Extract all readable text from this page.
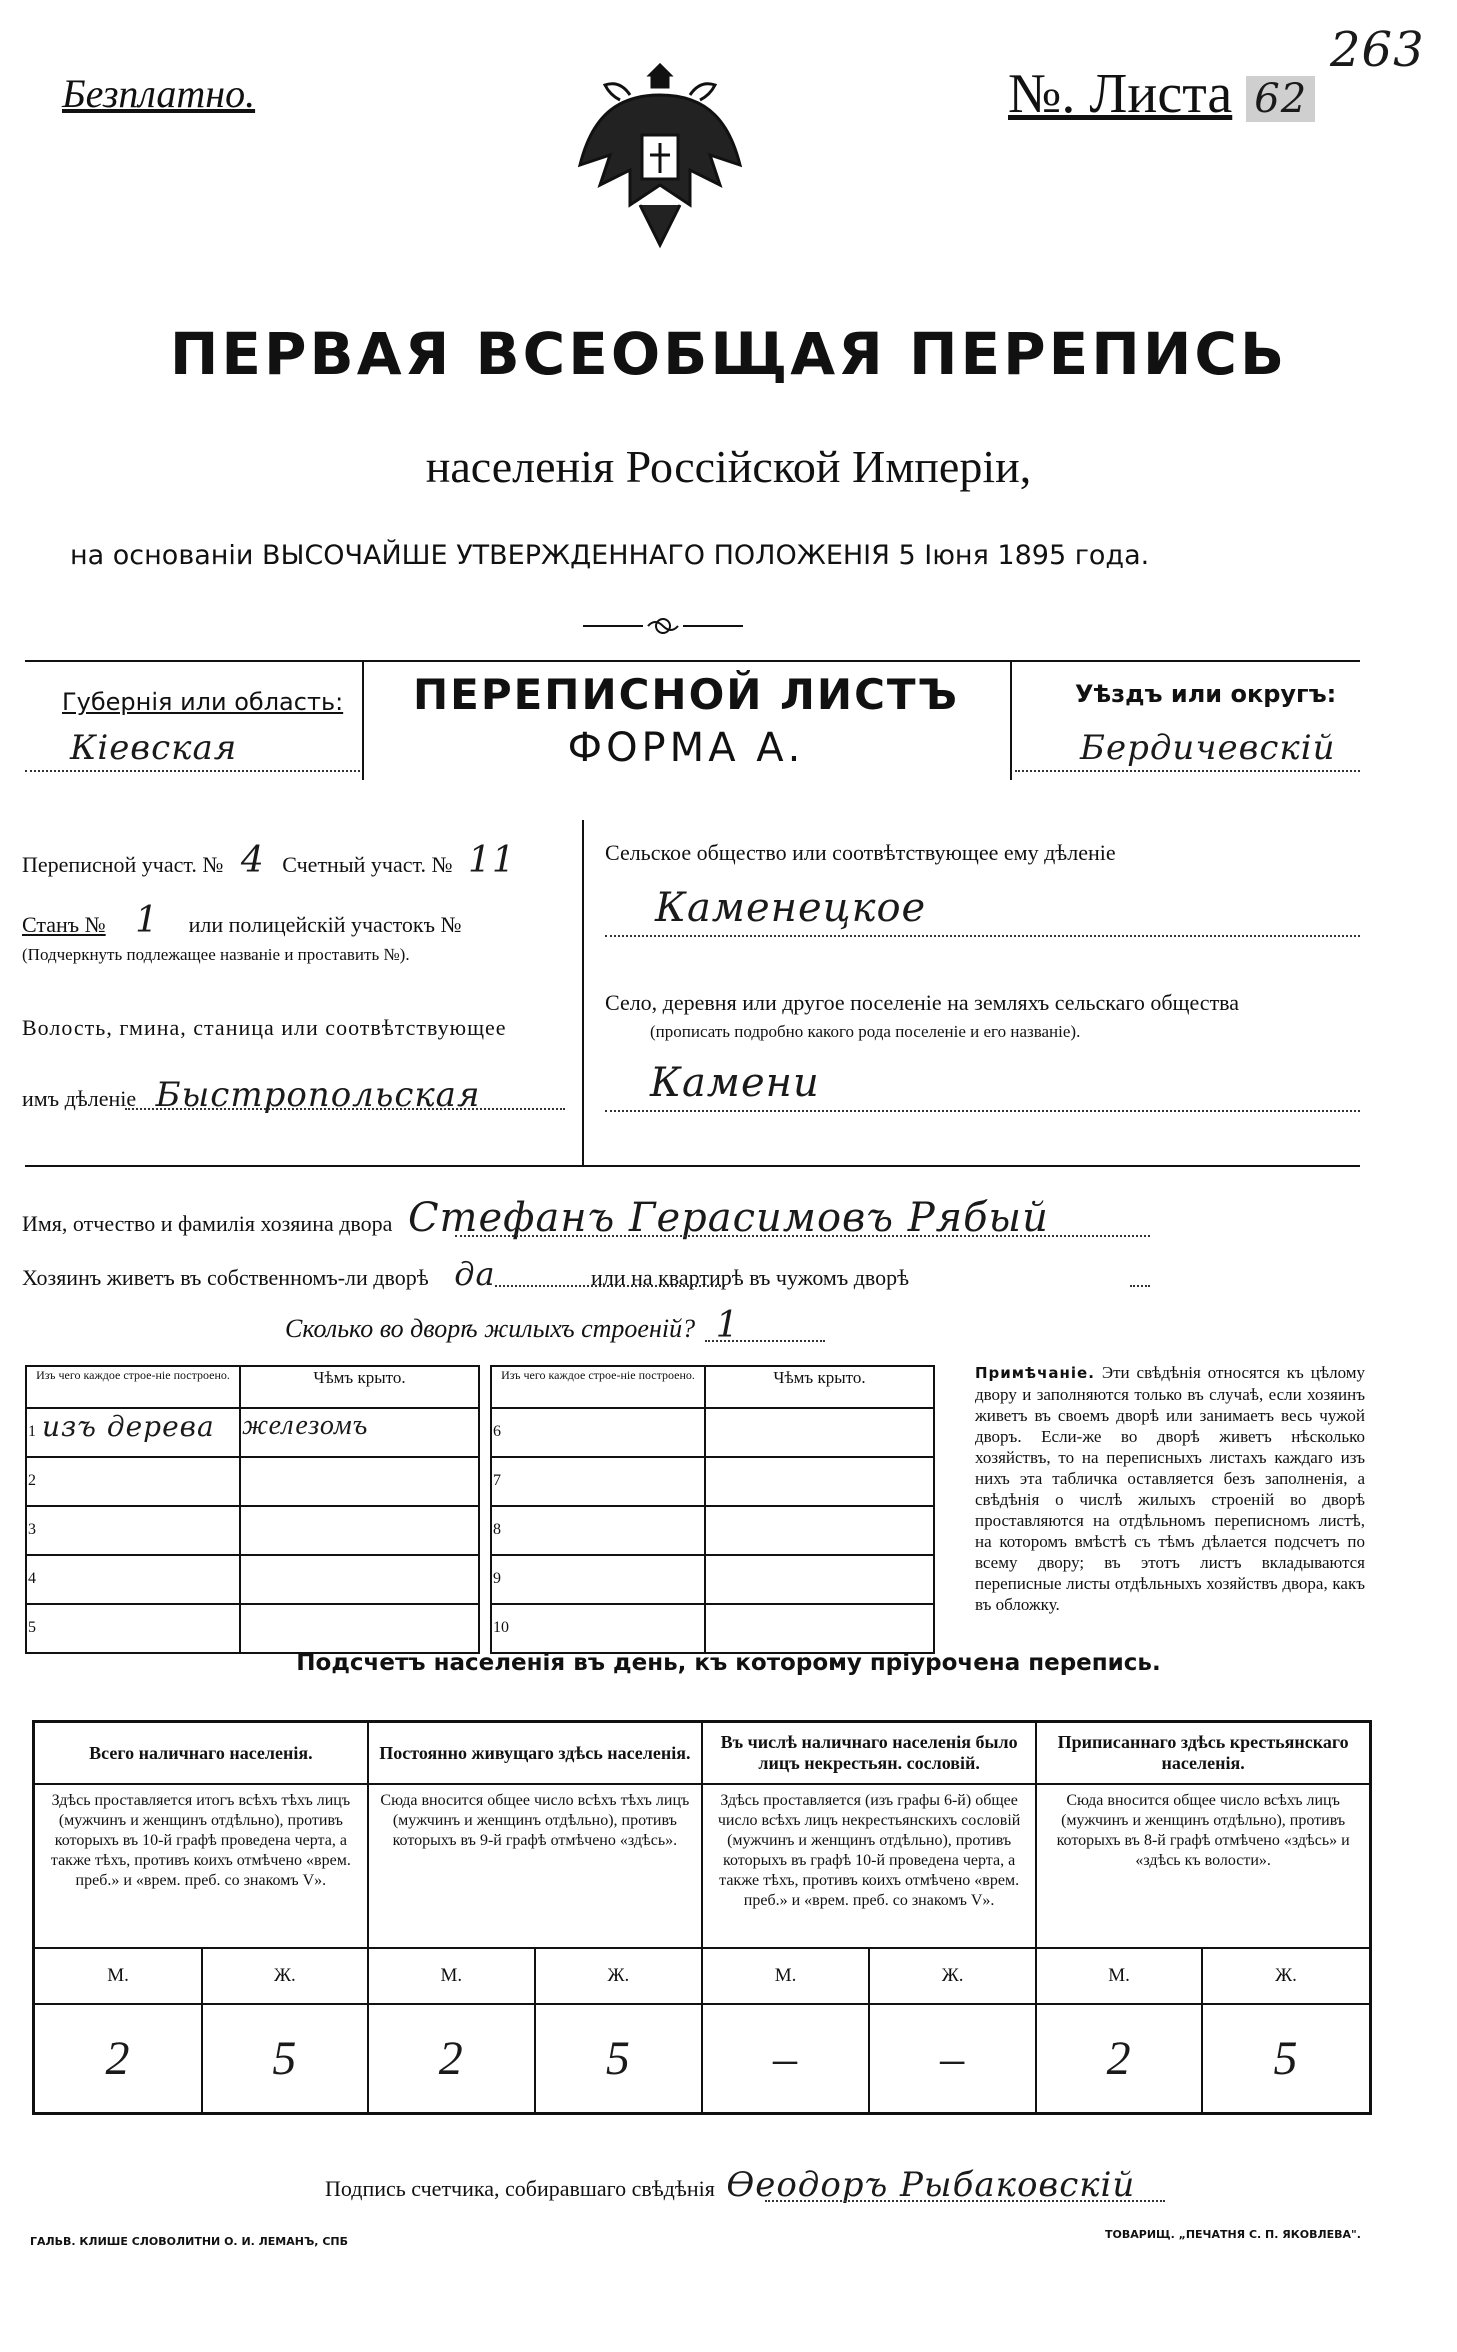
Безплатно.	№. Листа 62
263
ПЕРВАЯ ВСЕОБЩАЯ ПЕРЕПИСЬ
населенія Россійской Имперіи,
на основаніи ВЫСОЧАЙШЕ УТВЕРЖДЕННАГО ПОЛОЖЕНІЯ 5 Іюня 1895 года.
Губернія или область:
Кіевская
ПЕРЕПИСНОЙ ЛИСТЪ
ФОРМА А.
Уѣздъ или округъ:
Бердичевскій
Переписной участ. № 4 Счетный участ. № 11
Станъ № 1 или полицейскій участокъ №
(Подчеркнуть подлежащее названіе и проставить №).
Волость, гмина, станица или соотвѣтствующее
имъ дѣленіе Быстропольская
Сельское общество или соотвѣтствующее ему дѣленіе
Каменецкое
Село, деревня или другое поселеніе на земляхъ сельскаго общества
(прописать подробно какого рода поселеніе и его названіе).
Камени
Имя, отчество и фамилія хозяина двора Стефанъ Герасимовъ Рябый
Хозяинъ живетъ въ собственномъ-ли дворѣ да	или на квартирѣ въ чужомъ дворѣ
Сколько во дворѣ жилыхъ строеній? 1
Изъ чего каждое строе-ніе построено.	Чѣмъ крыто.
1 изъ дерева	железомъ
2	
3	
4	
5	
Изъ чего каждое строе-ніе построено.	Чѣмъ крыто.
6	
7	
8	
9	
10	
Примѣчаніе. Эти свѣдѣнія относятся къ цѣлому двору и заполняются только въ случаѣ, если хозяинъ живетъ въ своемъ дворѣ или занимаетъ весь чужой дворъ. Если-же во дворѣ живетъ нѣсколько хозяйствъ, то на переписныхъ листахъ каждаго изъ нихъ эта табличка оставляется безъ заполненія, а свѣдѣнія о числѣ жилыхъ строеній во дворѣ проставляются на отдѣльномъ переписномъ листѣ, на которомъ вмѣстѣ съ тѣмъ дѣлается подсчетъ по всему двору; въ этотъ листъ вкладываются переписные листы отдѣльныхъ хозяйствъ двора, какъ въ обложку.
Подсчетъ населенія въ день, къ которому пріурочена перепись.
Всего наличнаго населенія.		Постоянно живущаго здѣсь населенія.		Въ числѣ наличнаго населенія было лицъ некрестьян. сословій.		Приписаннаго здѣсь крестьянскаго населенія.	
Здѣсь проставляется итогъ всѣхъ тѣхъ лицъ (мужчинъ и женщинъ отдѣльно), противъ которыхъ въ 10-й графѣ проведена черта, а также тѣхъ, противъ коихъ отмѣчено «врем. преб.» и «врем. преб. со знакомъ V».		Сюда вносится общее число всѣхъ тѣхъ лицъ (мужчинъ и женщинъ отдѣльно), противъ которыхъ въ 9-й графѣ отмѣчено «здѣсь».		Здѣсь проставляется (изъ графы 6-й) общее число всѣхъ лицъ некрестьянскихъ сословій (мужчинъ и женщинъ отдѣльно), противъ которыхъ въ графѣ 10-й проведена черта, а также тѣхъ, противъ коихъ отмѣчено «врем. преб.» и «врем. преб. со знакомъ V».		Сюда вносится общее число всѣхъ лицъ (мужчинъ и женщинъ отдѣльно), противъ которыхъ въ 8-й графѣ отмѣчено «здѣсь» и «здѣсь къ волости».	
М.	Ж.	М.	Ж.	М.	Ж.	М.	Ж.
2	5	2	5	–	–	2	5
Подпись счетчика, собиравшаго свѣдѣнія Ѳеодоръ Рыбаковскій
ГАЛЬВ. КЛИШЕ СЛОВОЛИТНИ О. И. ЛЕМАНЪ, СПБ
ТОВАРИЩ. „ПЕЧАТНЯ С. П. ЯКОВЛЕВА".
